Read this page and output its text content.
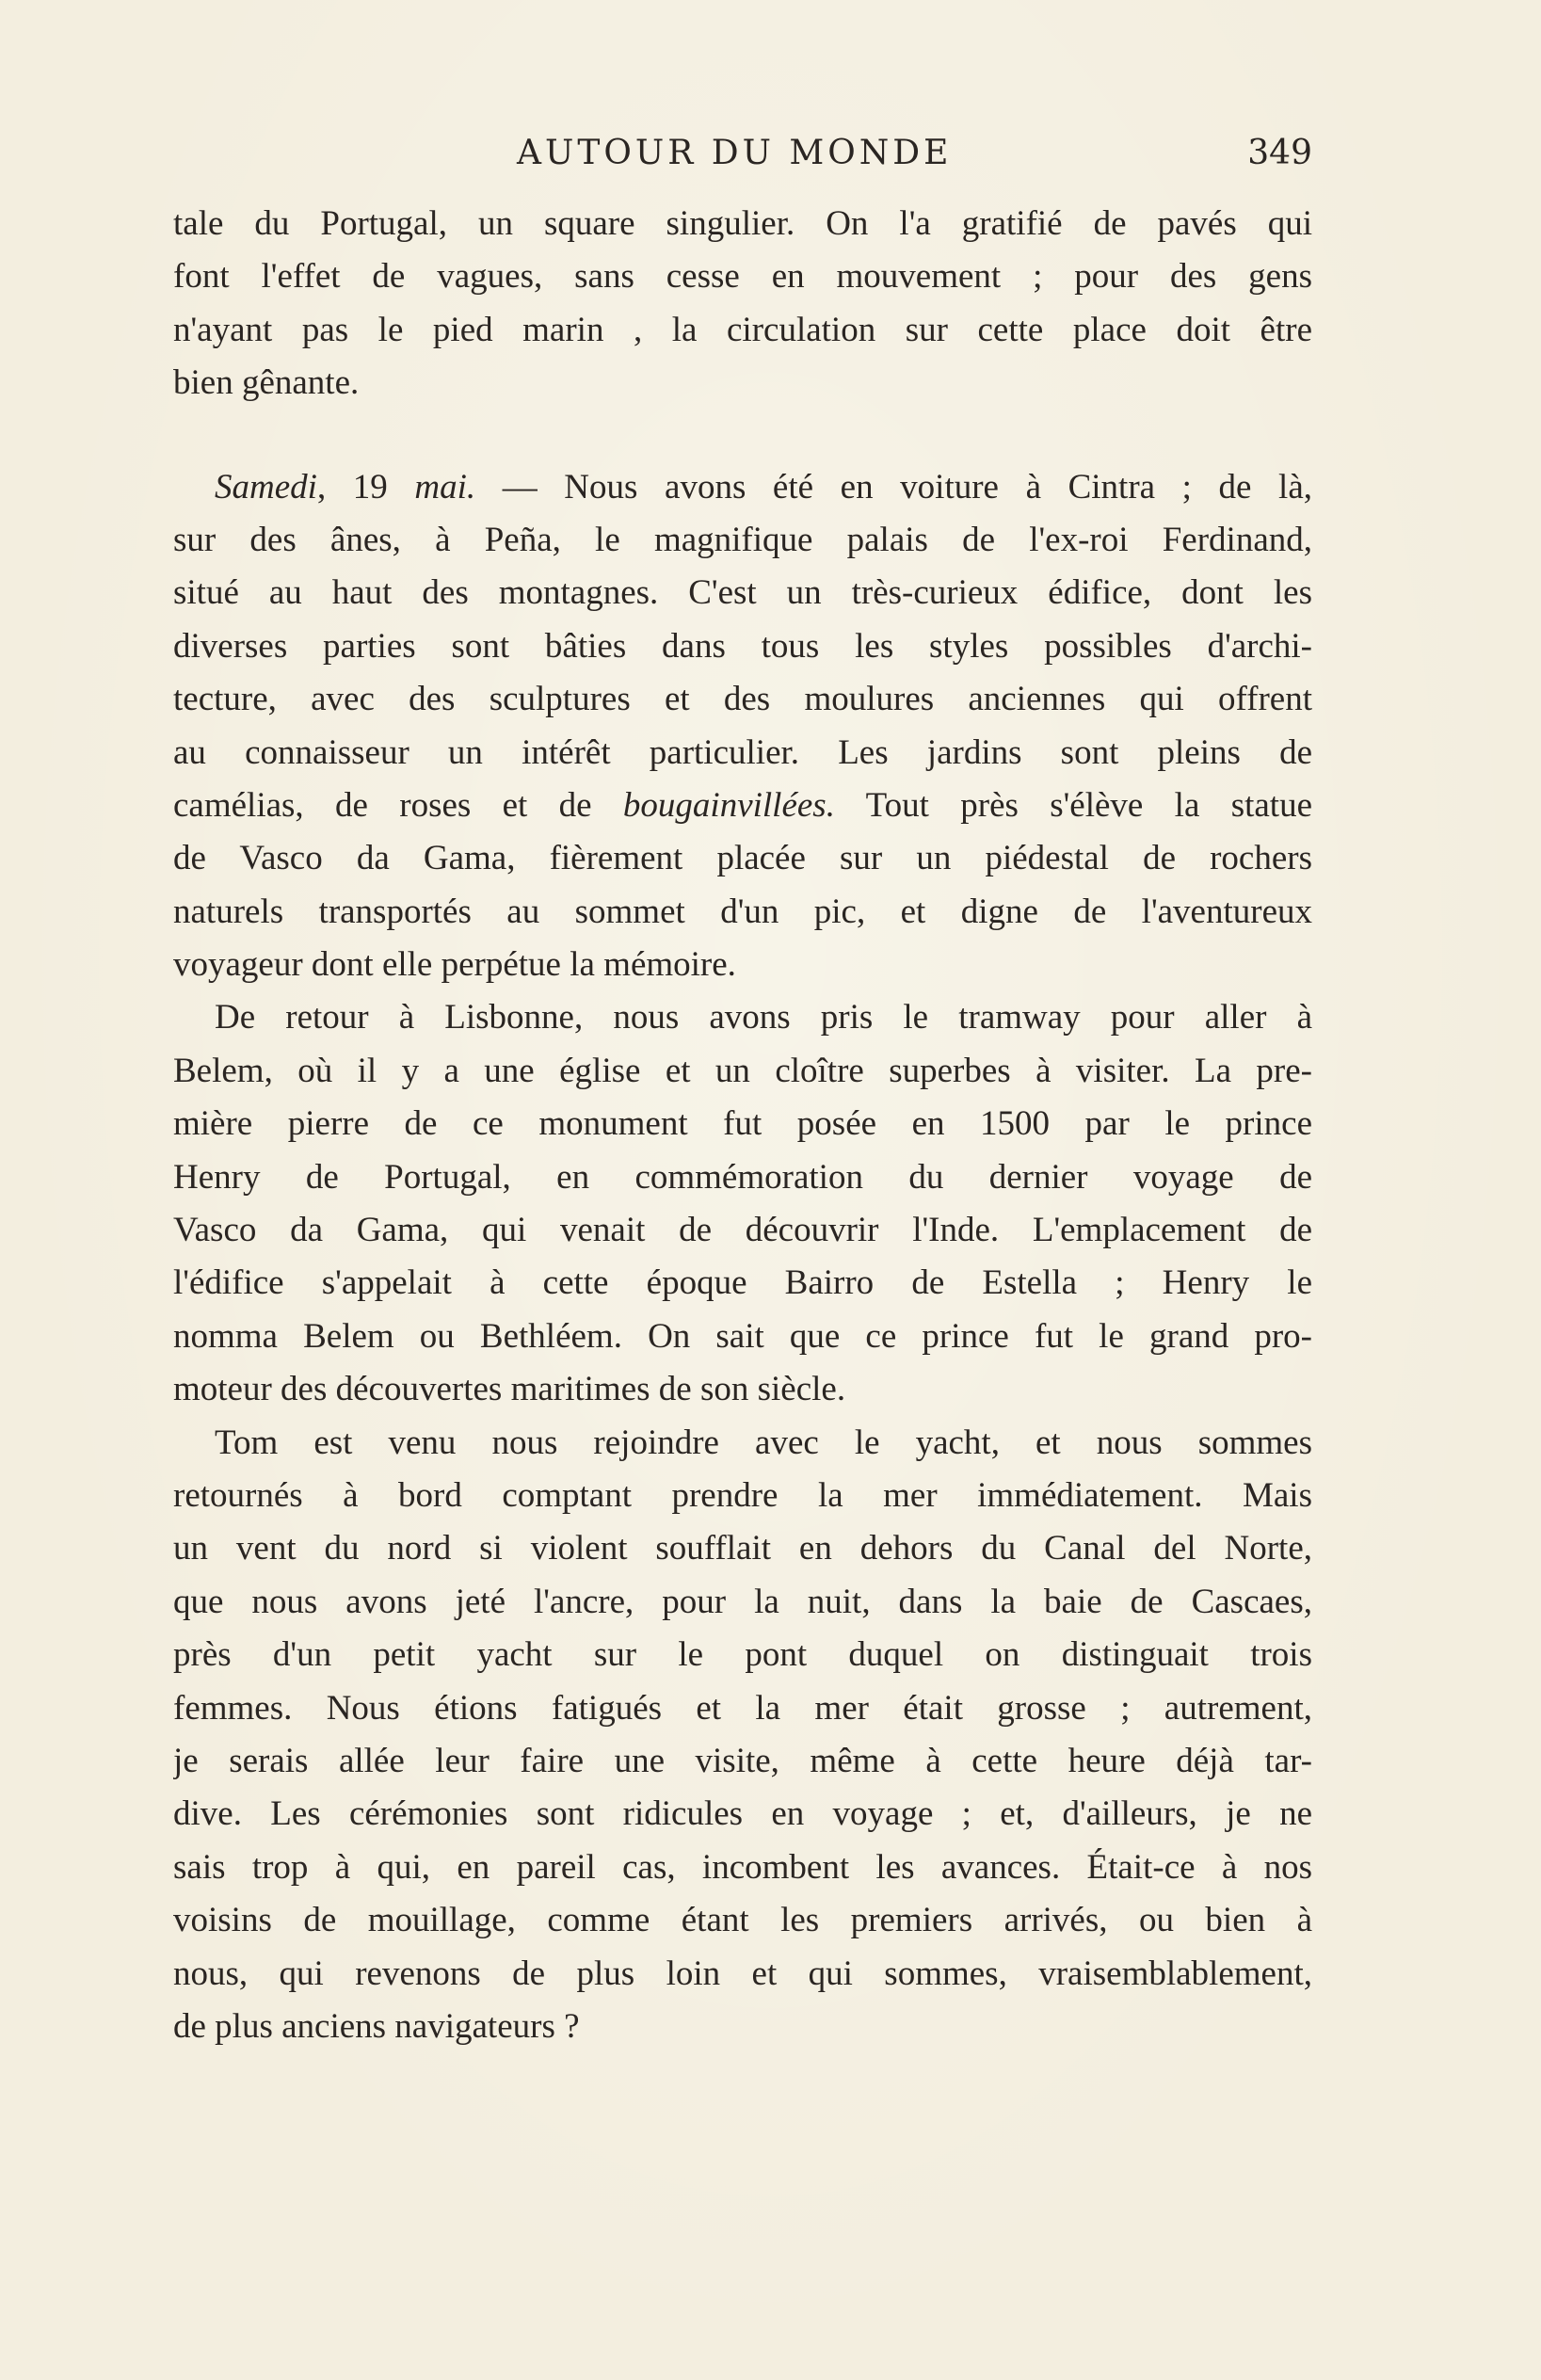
AUTOUR DU MONDE	349
tale du Portugal, un square singulier. On l'a gratifié de pavés qui
font l'effet de vagues, sans cesse en mouvement ; pour des gens
n'ayant pas le pied marin , la circulation sur cette place doit être
bien gênante.
Samedi, 19 mai. — Nous avons été en voiture à Cintra ; de là,
sur des ânes, à Peña, le magnifique palais de l'ex-roi Ferdinand,
situé au haut des montagnes. C'est un très-curieux édifice, dont les
diverses parties sont bâties dans tous les styles possibles d'archi-
tecture, avec des sculptures et des moulures anciennes qui offrent
au connaisseur un intérêt particulier. Les jardins sont pleins de
camélias, de roses et de bougainvillées. Tout près s'élève la statue
de Vasco da Gama, fièrement placée sur un piédestal de rochers
naturels transportés au sommet d'un pic, et digne de l'aventureux
voyageur dont elle perpétue la mémoire.
De retour à Lisbonne, nous avons pris le tramway pour aller à
Belem, où il y a une église et un cloître superbes à visiter. La pre-
mière pierre de ce monument fut posée en 1500 par le prince
Henry de Portugal, en commémoration du dernier voyage de
Vasco da Gama, qui venait de découvrir l'Inde. L'emplacement de
l'édifice s'appelait à cette époque Bairro de Estella ; Henry le
nomma Belem ou Bethléem. On sait que ce prince fut le grand pro-
moteur des découvertes maritimes de son siècle.
Tom est venu nous rejoindre avec le yacht, et nous sommes
retournés à bord comptant prendre la mer immédiatement. Mais
un vent du nord si violent soufflait en dehors du Canal del Norte,
que nous avons jeté l'ancre, pour la nuit, dans la baie de Cascaes,
près d'un petit yacht sur le pont duquel on distinguait trois
femmes. Nous étions fatigués et la mer était grosse ; autrement,
je serais allée leur faire une visite, même à cette heure déjà tar-
dive. Les cérémonies sont ridicules en voyage ; et, d'ailleurs, je ne
sais trop à qui, en pareil cas, incombent les avances. Était-ce à nos
voisins de mouillage, comme étant les premiers arrivés, ou bien à
nous, qui revenons de plus loin et qui sommes, vraisemblablement,
de plus anciens navigateurs ?
